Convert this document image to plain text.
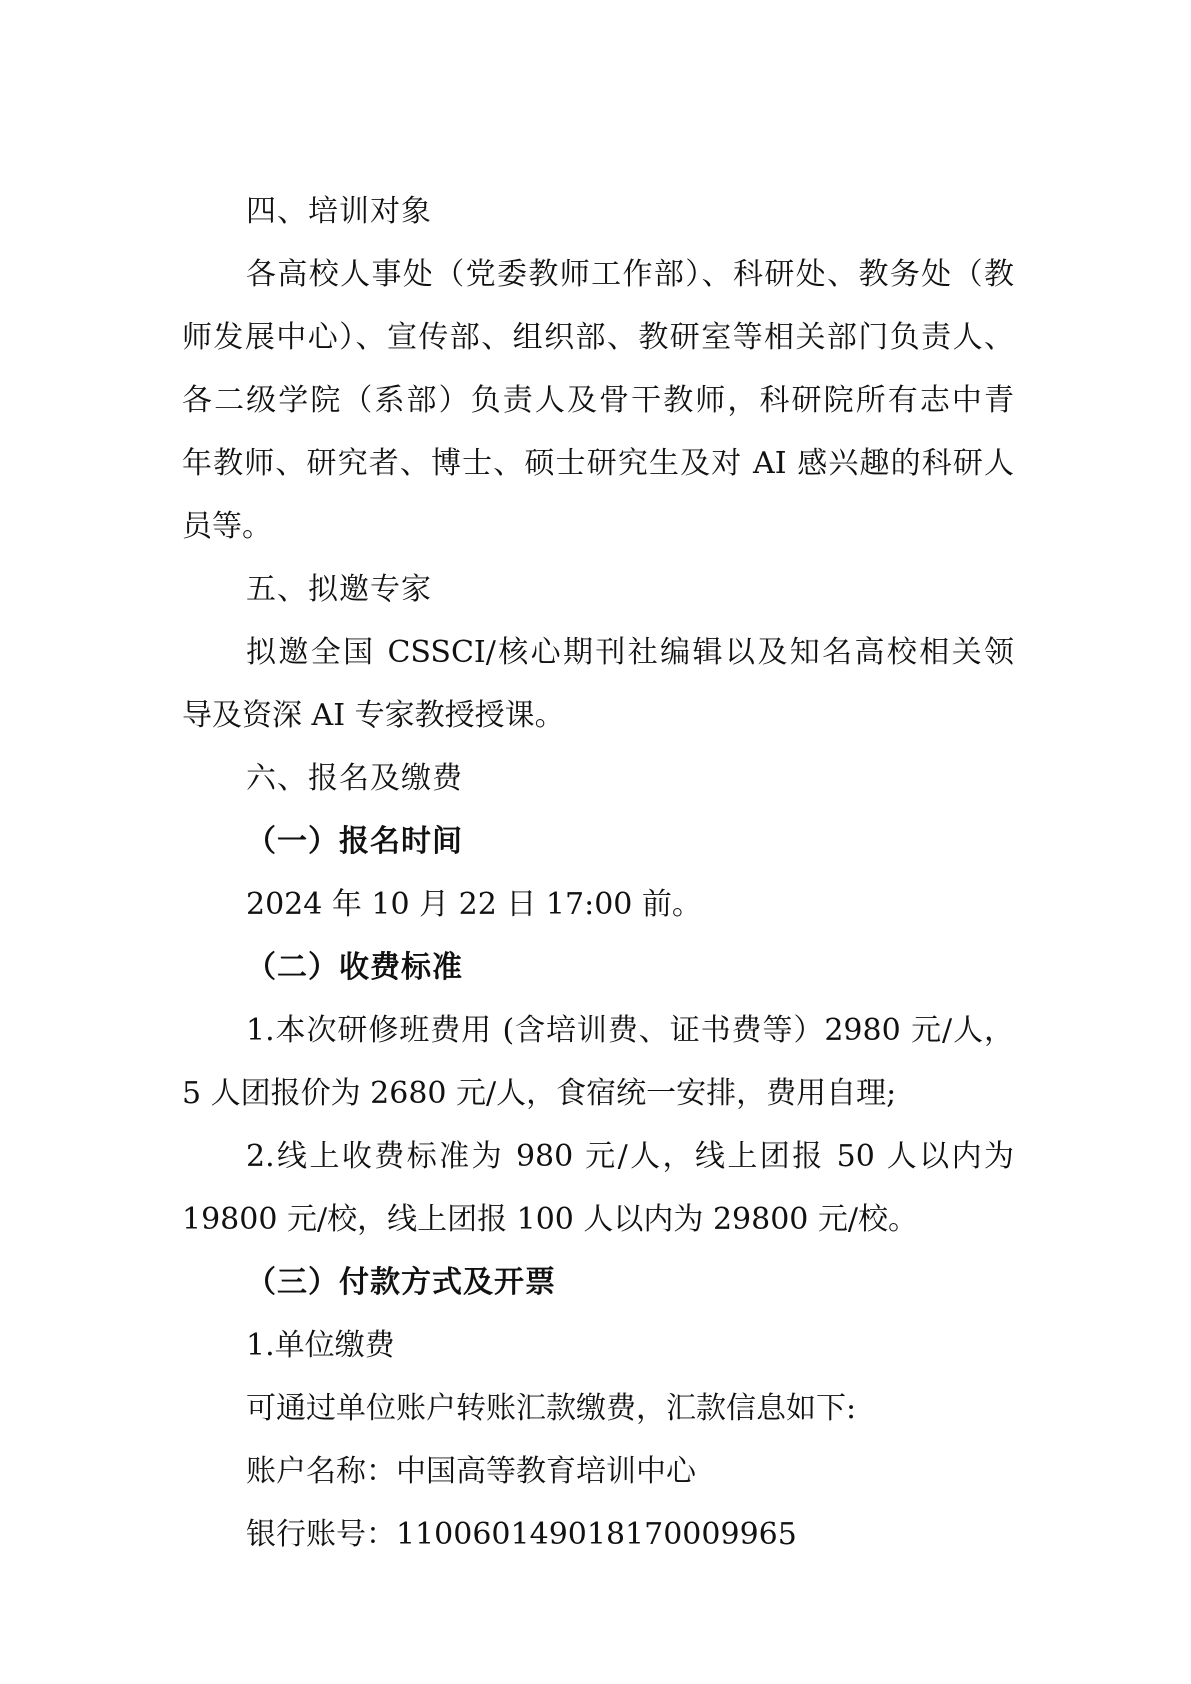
四、培训对象
各高校人事处（党委教师工作部）、科研处、教务处（教
师发展中心）、宣传部、组织部、教研室等相关部门负责人、
各二级学院（系部）负责人及骨干教师，科研院所有志中青
年教师、研究者、博士、硕士研究生及对 AI 感兴趣的科研人
员等。
五、拟邀专家
拟邀全国 CSSCI/核心期刊社编辑以及知名高校相关领
导及资深 AI 专家教授授课。
六、报名及缴费
（一）报名时间
2024 年 10 月 22 日 17:00 前。
（二）收费标准
1.本次研修班费用 (含培训费、证书费等）2980 元/人，
5 人团报价为 2680 元/人，食宿统一安排，费用自理;
2.线上收费标准为 980 元/人，线上团报 50 人以内为
19800 元/校，线上团报 100 人以内为 29800 元/校。
（三）付款方式及开票
1.单位缴费
可通过单位账户转账汇款缴费，汇款信息如下:
账户名称：中国高等教育培训中心
银行账号：11006014901817000996​5
